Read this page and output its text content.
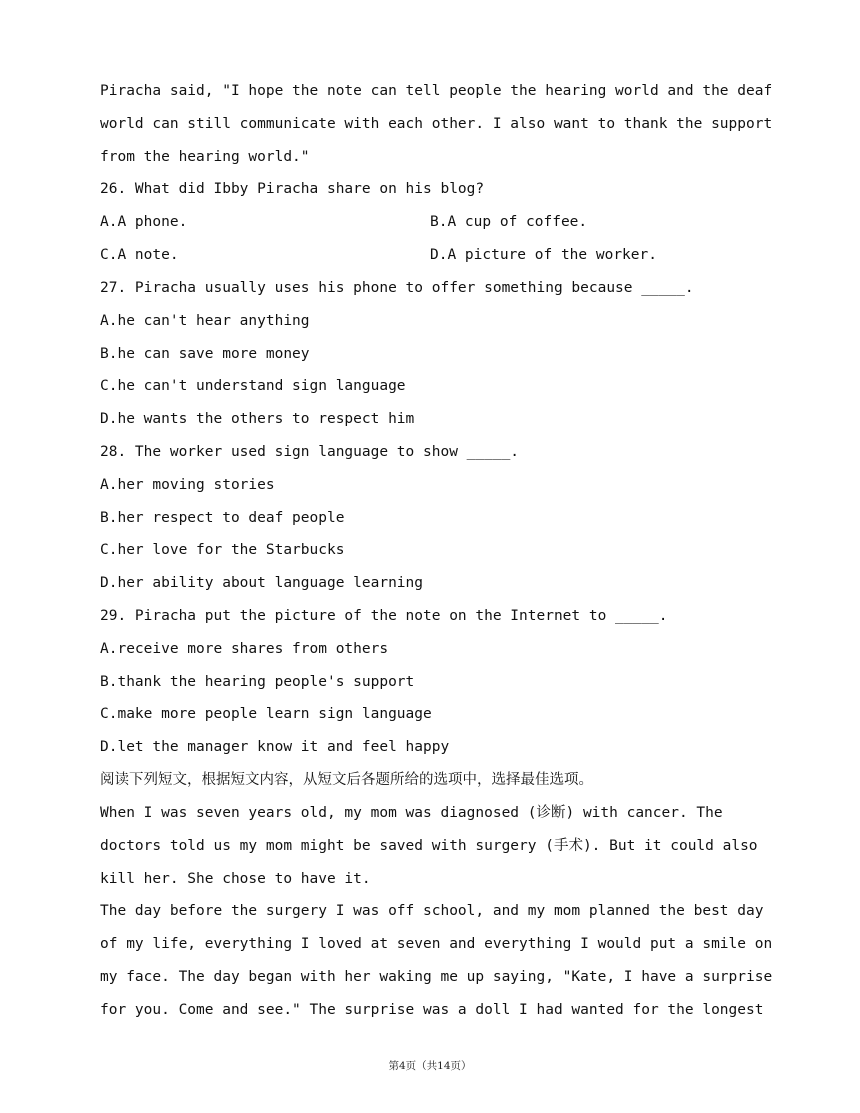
Piracha said, "I hope the note can tell people the hearing world and the deaf
world can still communicate with each other. I also want to thank the support
from the hearing world."
26. What did Ibby Piracha share on his blog?
A.A phone.	B.A cup of coffee.
C.A note.	D.A picture of the worker.
27. Piracha usually uses his phone to offer something because _____.
A.he can't hear anything
B.he can save more money
C.he can't understand sign language
D.he wants the others to respect him
28. The worker used sign language to show _____.
A.her moving stories
B.her respect to deaf people
C.her love for the Starbucks
D.her ability about language learning
29. Piracha put the picture of the note on the Internet to _____.
A.receive more shares from others
B.thank the hearing people's support
C.make more people learn sign language
D.let the manager know it and feel happy
阅读下列短文，根据短文内容，从短文后各题所给的选项中，选择最佳选项。
When I was seven years old, my mom was diagnosed (诊断) with cancer. The
doctors told us my mom might be saved with surgery (手术). But it could also
kill her. She chose to have it.
The day before the surgery I was off school, and my mom planned the best day
of my life, everything I loved at seven and everything I would put a smile on
my face. The day began with her waking me up saying, "Kate, I have a surprise
for you. Come and see." The surprise was a doll I had wanted for the longest
第4页（共14页）
